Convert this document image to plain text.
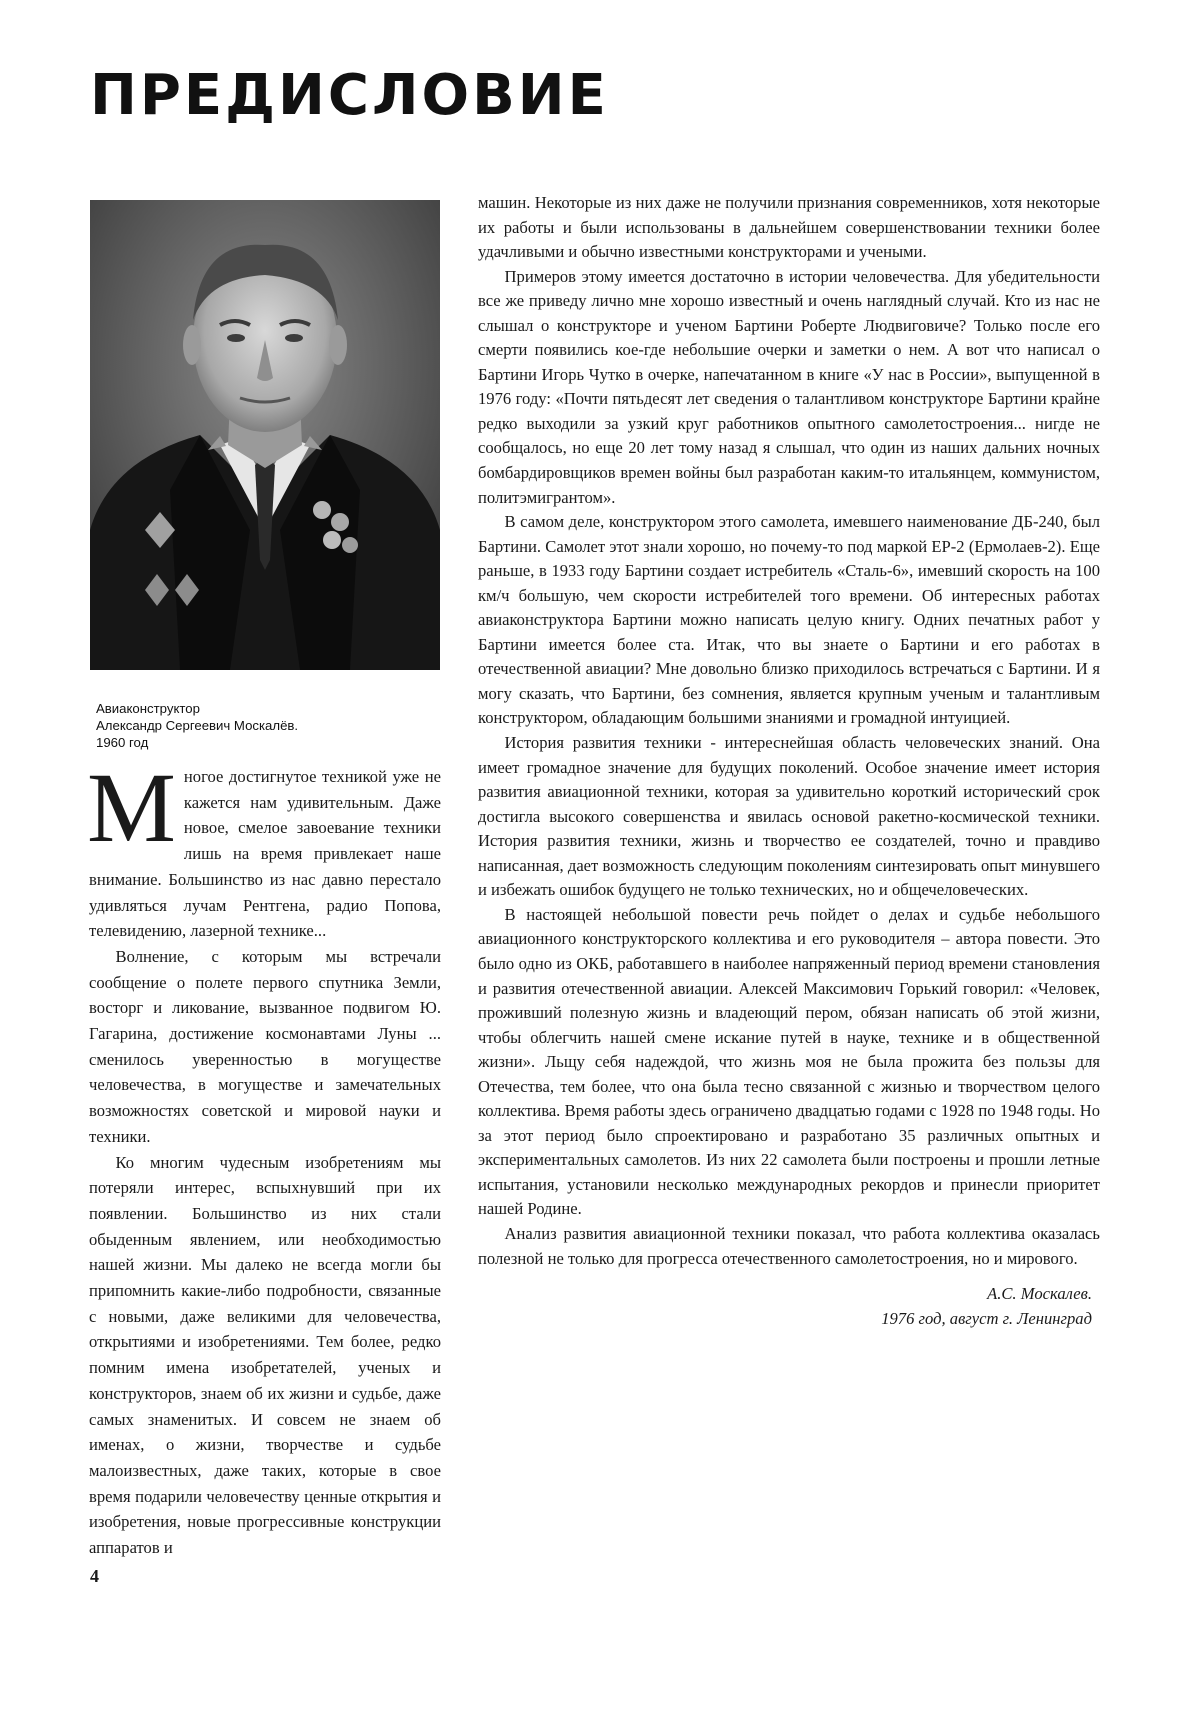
ПРЕДИСЛОВИЕ
Авиаконструктор
Александр Сергеевич Москалёв.
1960 год

Многое достигнутое техникой уже не кажется нам удивительным. Даже новое, смелое завоевание техники лишь на время привлекает наше внимание. Большинство из нас давно перестало удивляться лучам Рентгена, радио Попова, телевидению, лазерной технике...

Волнение, с которым мы встречали сообщение о полете первого спутника Земли, восторг и ликование, вызванное подвигом Ю. Гагарина, достижение космонавтами Луны ... сменилось уверенностью в могуществе человечества, в могуществе и замечательных возможностях советской и мировой науки и техники.

Ко многим чудесным изобретениям мы потеряли интерес, вспыхнувший при их появлении. Большинство из них стали обыденным явлением, или необходимостью нашей жизни. Мы далеко не всегда могли бы припомнить какие-либо подробности, связанные с новыми, даже великими для человечества, открытиями и изобретениями. Тем более, редко помним имена изобретателей, ученых и конструкторов, знаем об их жизни и судьбе, даже самых знаменитых. И совсем не знаем об именах, о жизни, творчестве и судьбе малоизвестных, даже таких, которые в свое время подарили человечеству ценные открытия и изобретения, новые прогрессивные конструкции аппаратов и

машин. Некоторые из них даже не получили признания современников, хотя некоторые их работы и были использованы в дальнейшем совершенствовании техники более удачливыми и обычно известными конструкторами и учеными.

Примеров этому имеется достаточно в истории человечества. Для убедительности все же приведу лично мне хорошо известный и очень наглядный случай. Кто из нас не слышал о конструкторе и ученом Бартини Роберте Людвиговиче? Только после его смерти появились кое-где небольшие очерки и заметки о нем. А вот что написал о Бартини Игорь Чутко в очерке, напечатанном в книге «У нас в России», выпущенной в 1976 году: «Почти пятьдесят лет сведения о талантливом конструкторе Бартини крайне редко выходили за узкий круг работников опытного самолетостроения... нигде не сообщалось, но еще 20 лет тому назад я слышал, что один из наших дальних ночных бомбардировщиков времен войны был разработан каким-то итальянцем, коммунистом, политэмигрантом».

В самом деле, конструктором этого самолета, имевшего наименование ДБ-240, был Бартини. Самолет этот знали хорошо, но почему-то под маркой ЕР-2 (Ермолаев-2). Еще раньше, в 1933 году Бартини создает истребитель «Сталь-6», имевший скорость на 100 км/ч большую, чем скорости истребителей того времени. Об интересных работах авиаконструктора Бартини можно написать целую книгу. Одних печатных работ у Бартини имеется более ста. Итак, что вы знаете о Бартини и его работах в отечественной авиации? Мне довольно близко приходилось встречаться с Бартини. И я могу сказать, что Бартини, без сомнения, является крупным ученым и талантливым конструктором, обладающим большими знаниями и громадной интуицией.

История развития техники - интереснейшая область человеческих знаний. Она имеет громадное значение для будущих поколений. Особое значение имеет история развития авиационной техники, которая за удивительно короткий исторический срок достигла высокого совершенства и явилась основой ракетно-космической техники. История развития техники, жизнь и творчество ее создателей, точно и правдиво написанная, дает возможность следующим поколениям синтезировать опыт минувшего и избежать ошибок будущего не только технических, но и общечеловеческих.

В настоящей небольшой повести речь пойдет о делах и судьбе небольшого авиационного конструкторского коллектива и его руководителя – автора повести. Это было одно из ОКБ, работавшего в наиболее напряженный период времени становления и развития отечественной авиации. Алексей Максимович Горький говорил: «Человек, проживший полезную жизнь и владеющий пером, обязан написать об этой жизни, чтобы облегчить нашей смене искание путей в науке, технике и в общественной жизни». Льщу себя надеждой, что жизнь моя не была прожита без пользы для Отечества, тем более, что она была тесно связанной с жизнью и творчеством целого коллектива. Время работы здесь ограничено двадцатью годами с 1928 по 1948 годы. Но за этот период было спроектировано и разработано 35 различных опытных и экспериментальных самолетов. Из них 22 самолета были построены и прошли летные испытания, установили несколько международных рекордов и принесли приоритет нашей Родине.

Анализ развития авиационной техники показал, что работа коллектива оказалась полезной не только для прогресса отечественного самолетостроения, но и мирового.

А.С. Москалев.
1976 год, август г. Ленинград
4
